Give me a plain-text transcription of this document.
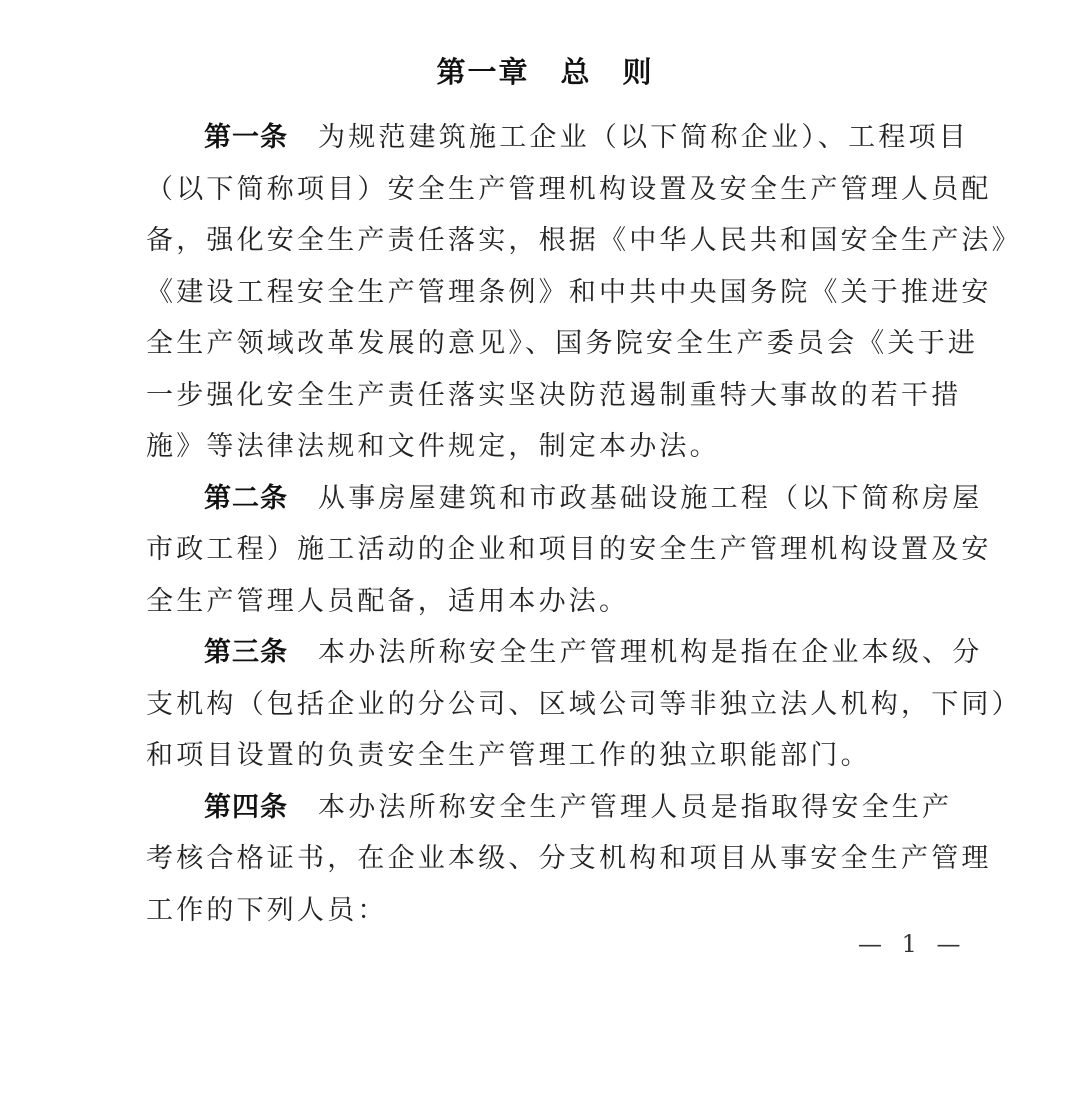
第一章　总　则
第一条 为规范建筑施工企业（以下简称企业）、工程项目
（以下简称项目）安全生产管理机构设置及安全生产管理人员配
备，强化安全生产责任落实，根据《中华人民共和国安全生产法》
《建设工程安全生产管理条例》和中共中央国务院《关于推进安
全生产领域改革发展的意见》、国务院安全生产委员会《关于进
一步强化安全生产责任落实坚决防范遏制重特大事故的若干措
施》等法律法规和文件规定，制定本办法。
第二条 从事房屋建筑和市政基础设施工程（以下简称房屋
市政工程）施工活动的企业和项目的安全生产管理机构设置及安
全生产管理人员配备，适用本办法。
第三条 本办法所称安全生产管理机构是指在企业本级、分
支机构（包括企业的分公司、区域公司等非独立法人机构，下同）
和项目设置的负责安全生产管理工作的独立职能部门。
第四条 本办法所称安全生产管理人员是指取得安全生产
考核合格证书，在企业本级、分支机构和项目从事安全生产管理
工作的下列人员：
— 1 —
